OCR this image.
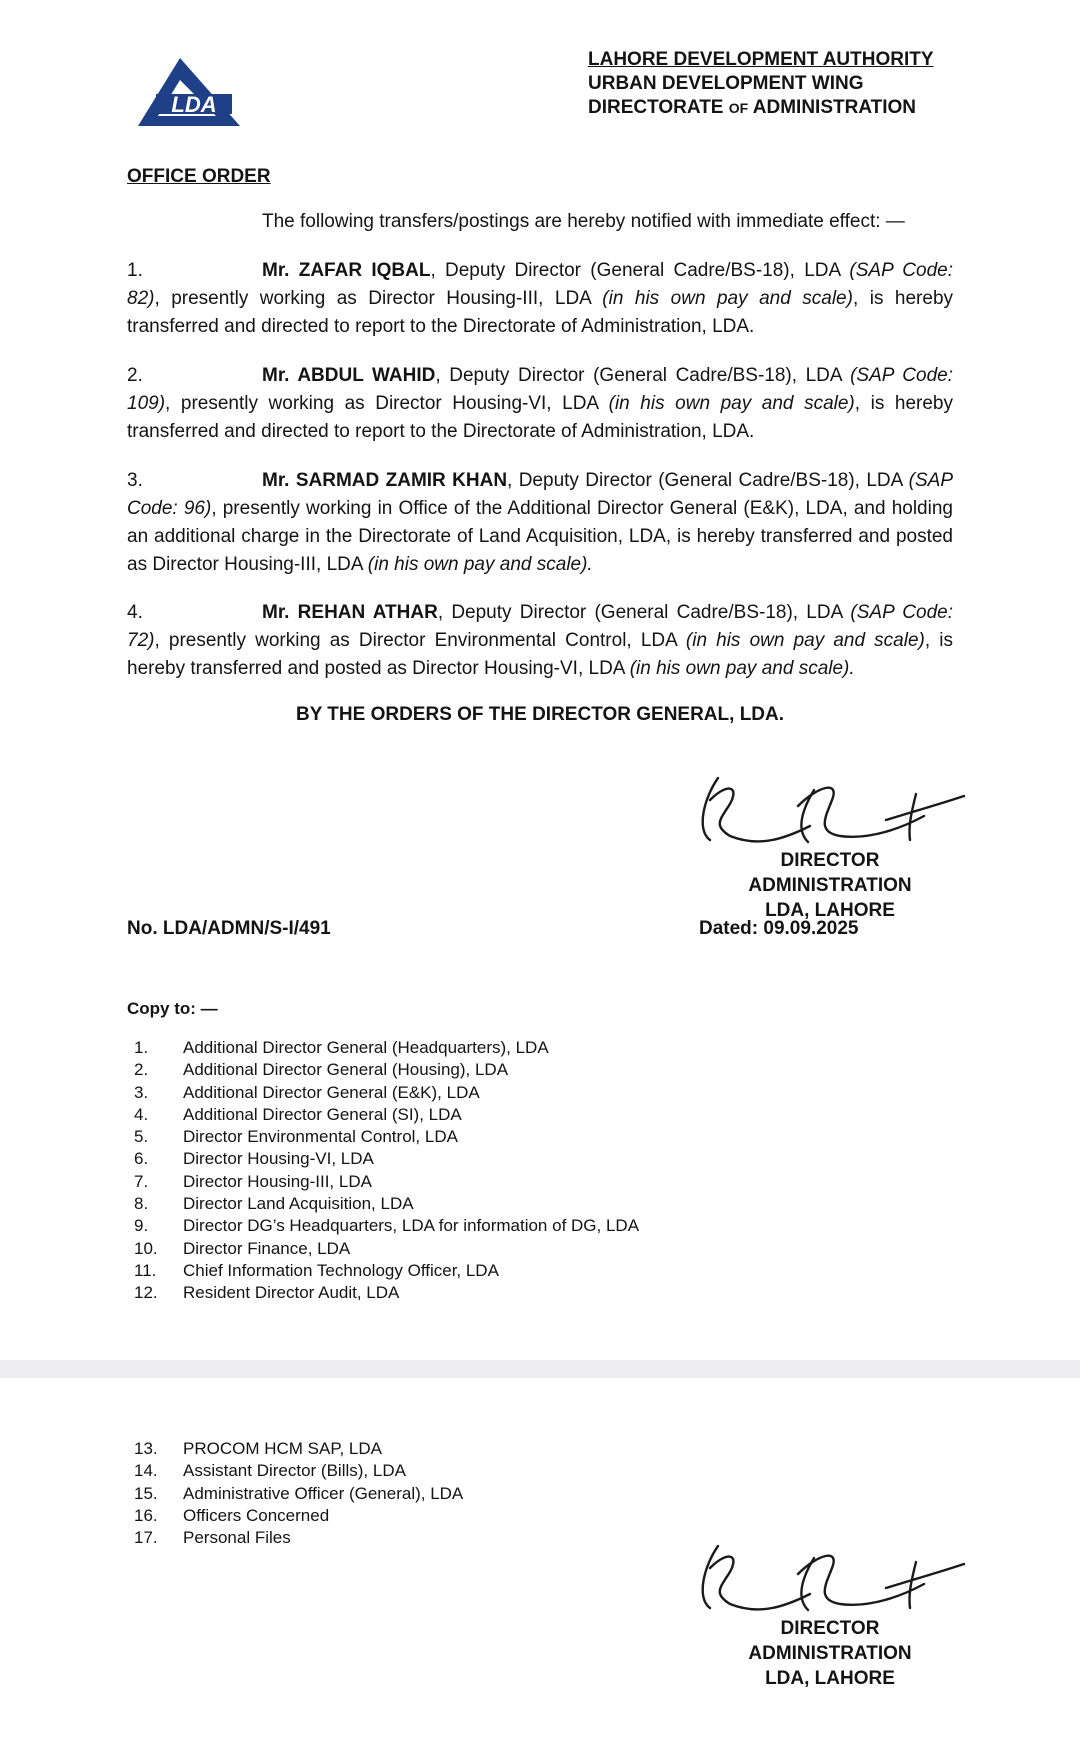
LDA
LAHORE DEVELOPMENT AUTHORITY
URBAN DEVELOPMENT WING
DIRECTORATE OF ADMINISTRATION
OFFICE ORDER
The following transfers/postings are hereby notified with immediate effect: —
1.	Mr. ZAFAR IQBAL, Deputy Director (General Cadre/BS-18), LDA (SAP Code: 82), presently working as Director Housing-III, LDA (in his own pay and scale), is hereby transferred and directed to report to the Directorate of Administration, LDA.
2.	Mr. ABDUL WAHID, Deputy Director (General Cadre/BS-18), LDA (SAP Code: 109), presently working as Director Housing-VI, LDA (in his own pay and scale), is hereby transferred and directed to report to the Directorate of Administration, LDA.
3.	Mr. SARMAD ZAMIR KHAN, Deputy Director (General Cadre/BS-18), LDA (SAP Code: 96), presently working in Office of the Additional Director General (E&K), LDA, and holding an additional charge in the Directorate of Land Acquisition, LDA, is hereby transferred and posted as Director Housing-III, LDA (in his own pay and scale).
4.	Mr. REHAN ATHAR, Deputy Director (General Cadre/BS-18), LDA (SAP Code: 72), presently working as Director Environmental Control, LDA (in his own pay and scale), is hereby transferred and posted as Director Housing-VI, LDA (in his own pay and scale).
BY THE ORDERS OF THE DIRECTOR GENERAL, LDA.
DIRECTOR ADMINISTRATION
LDA, LAHORE
No. LDA/ADMN/S-I/491	Dated: 09.09.2025
Copy to: —
1. Additional Director General (Headquarters), LDA
2. Additional Director General (Housing), LDA
3. Additional Director General (E&K), LDA
4. Additional Director General (SI), LDA
5. Director Environmental Control, LDA
6. Director Housing-VI, LDA
7. Director Housing-III, LDA
8. Director Land Acquisition, LDA
9. Director DG’s Headquarters, LDA for information of DG, LDA
10. Director Finance, LDA
11. Chief Information Technology Officer, LDA
12. Resident Director Audit, LDA
13. PROCOM HCM SAP, LDA
14. Assistant Director (Bills), LDA
15. Administrative Officer (General), LDA
16. Officers Concerned
17. Personal Files
DIRECTOR ADMINISTRATION
LDA, LAHORE
